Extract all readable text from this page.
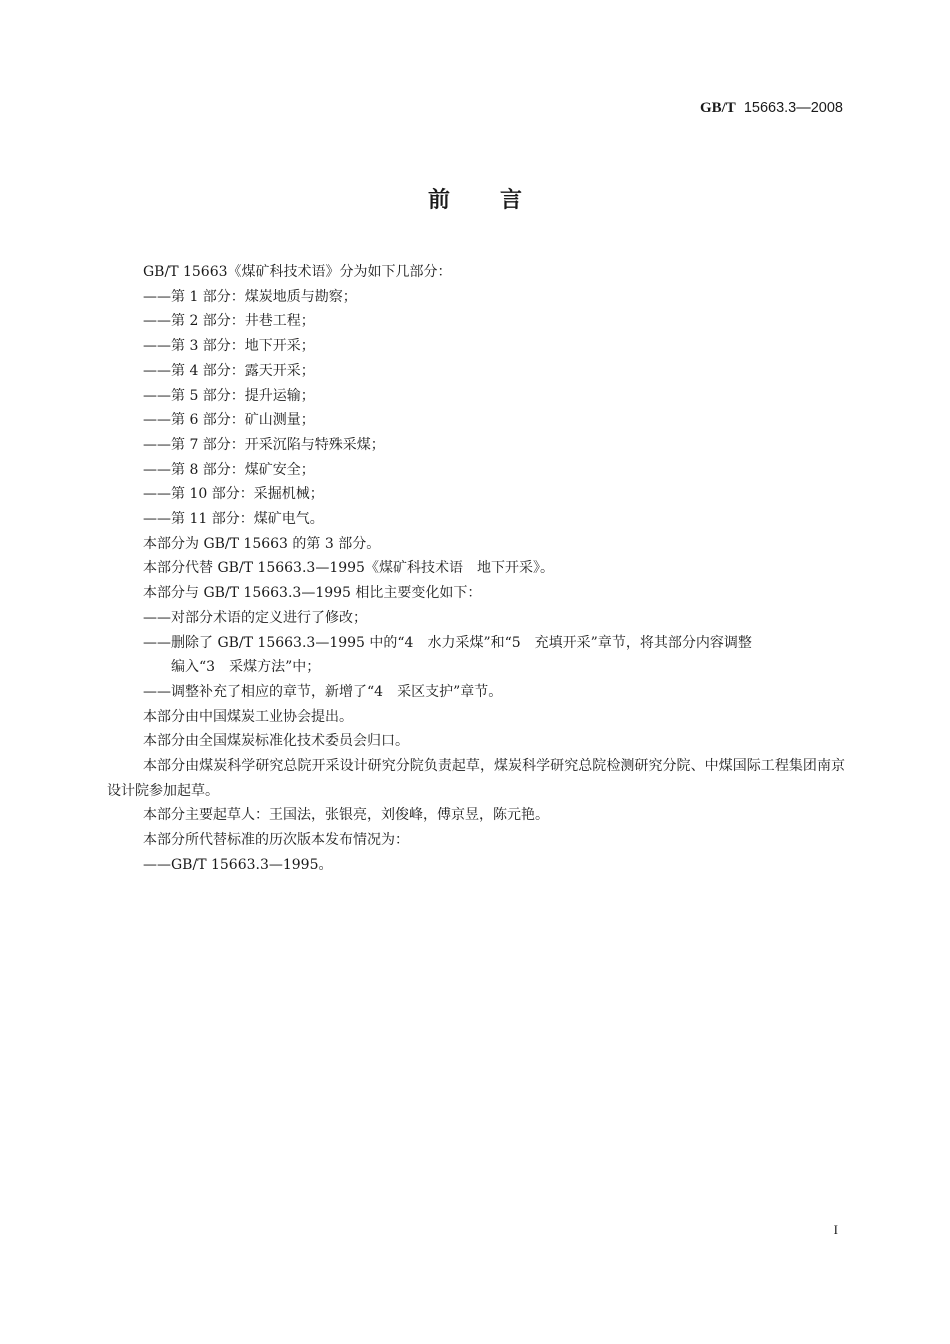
GB/T 15663.3—2008
前言
GB/T 15663《煤矿科技术语》分为如下几部分：
——第 1 部分：煤炭地质与勘察；
——第 2 部分：井巷工程；
——第 3 部分：地下开采；
——第 4 部分：露天开采；
——第 5 部分：提升运输；
——第 6 部分：矿山测量；
——第 7 部分：开采沉陷与特殊采煤；
——第 8 部分：煤矿安全；
——第 10 部分：采掘机械；
——第 11 部分：煤矿电气。
本部分为 GB/T 15663 的第 3 部分。
本部分代替 GB/T 15663.3—1995《煤矿科技术语　地下开采》。
本部分与 GB/T 15663.3—1995 相比主要变化如下：
——对部分术语的定义进行了修改；
——删除了 GB/T 15663.3—1995 中的“4　水力采煤”和“5　充填开采”章节，将其部分内容调整
编入“3　采煤方法”中；
——调整补充了相应的章节，新增了“4　采区支护”章节。
本部分由中国煤炭工业协会提出。
本部分由全国煤炭标准化技术委员会归口。
本部分由煤炭科学研究总院开采设计研究分院负责起草，煤炭科学研究总院检测研究分院、中煤国际工程集团南京设计院参加起草。
本部分主要起草人：王国法，张银亮，刘俊峰，傅京昱，陈元艳。
本部分所代替标准的历次版本发布情况为：
——GB/T 15663.3—1995。
I
